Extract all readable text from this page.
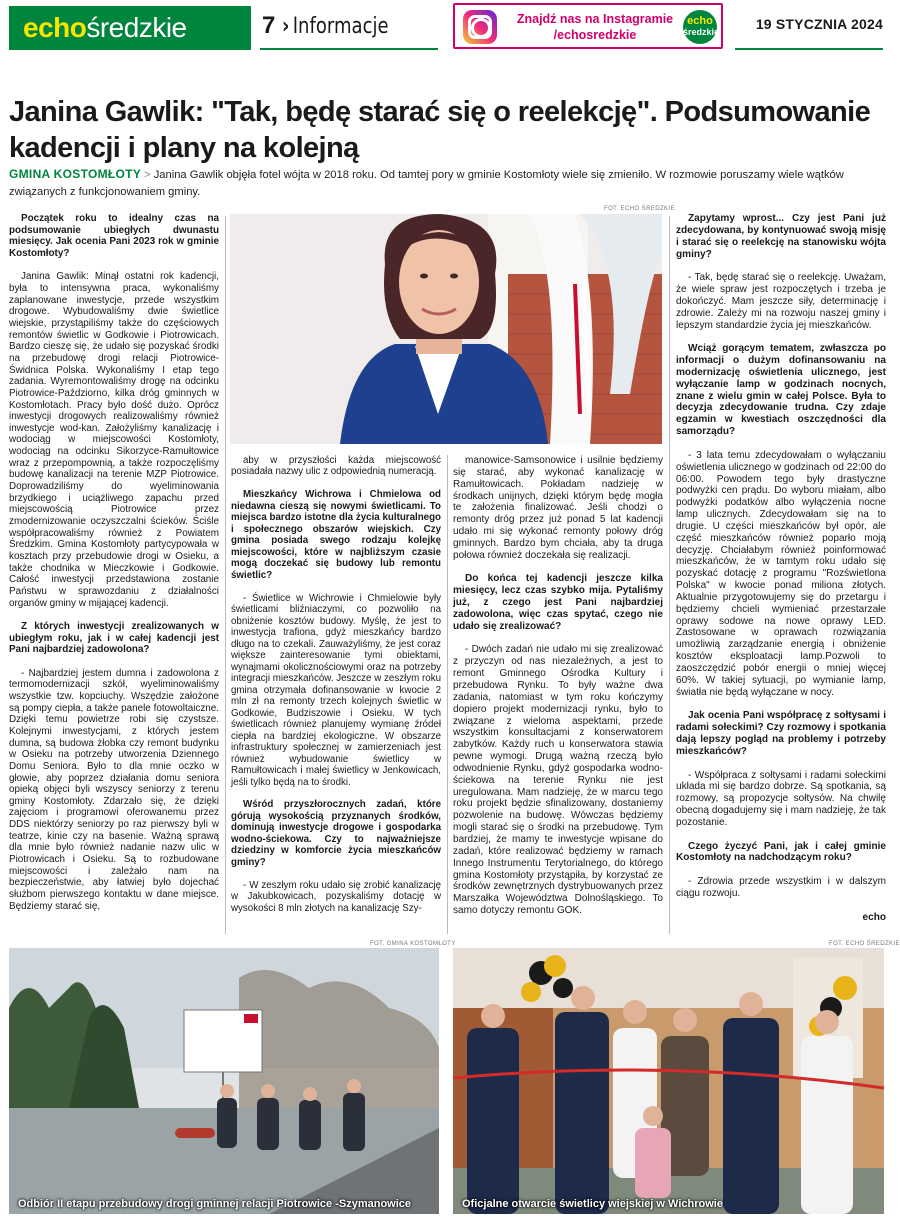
echośredzkie	7 › Informacje	Znajdź nas na Instagramie
/echosredzkie
echo
średzkie	19 STYCZNIA 2024
Janina Gawlik: "Tak, będę starać się o reelekcję". Podsumowanie kadencji i plany na kolejną
GMINA KOSTOMŁOTY > Janina Gawlik objęła fotel wójta w 2018 roku. Od tamtej pory w gminie Kostomłoty wiele się zmieniło. W rozmowie poruszamy wiele wątków związanych z funkcjonowaniem gminy.
FOT. ECHO ŚREDZKIE

Początek roku to idealny czas na podsumowanie ubiegłych dwunastu miesięcy. Jak ocenia Pani 2023 rok w gminie Kostomłoty?

Janina Gawlik: Minął ostatni rok kadencji, była to intensywna praca, wykonaliśmy zaplanowane inwestycje, przede wszystkim drogowe. Wybudowaliśmy dwie świetlice wiejskie, przystąpiliśmy także do częściowych remontów świetlic w Godkowie i Piotrowicach. Bardzo cieszę się, że udało się pozyskać środki na przebudowę drogi relacji Piotrowice-Świdnica Polska. Wykonaliśmy I etap tego zadania. Wyremontowaliśmy drogę na odcinku Piotrowice-Paździorno, kilka dróg gminnych w Kostomłotach. Pracy było dość dużo. Oprócz inwestycji drogowych realizowaliśmy również inwestycje wod-kan. Założyliśmy kanalizację i wodociąg w miejscowości Kostomłoty, wodociąg na odcinku Sikorzyce-Ramułtowice wraz z przepompownią, a także rozpoczęliśmy budowę kanalizacji na terenie MZP Piotrowice. Doprowadziliśmy do wyeliminowania brzydkiego i uciążliwego zapachu przed miejscowością Piotrowice przez zmodernizowanie oczyszczalni ścieków. Ściśle współpracowaliśmy również z Powiatem Średzkim. Gmina Kostomłoty partycypowała w kosztach przy przebudowie drogi w Osieku, a także chodnika w Mieczkowie i Godkowie. Całość inwestycji przedstawiona zostanie Państwu w sprawozdaniu z działalności organów gminy w mijającej kadencji.

Z których inwestycji zrealizowanych w ubiegłym roku, jak i w całej kadencji jest Pani najbardziej zadowolona?

- Najbardziej jestem dumna i zadowolona z termomodernizacji szkół, wyeliminowaliśmy wszystkie tzw. kopciuchy. Wszędzie założone są pompy ciepła, a także panele fotowoltaiczne. Dzięki temu powietrze robi się czystsze. Kolejnymi inwestycjami, z których jestem dumna, są budowa żłobka czy remont budynku w Osieku na potrzeby utworzenia Dziennego Domu Seniora. Było to dla mnie oczko w głowie, aby poprzez działania domu seniora opieką objęci byli wszyscy seniorzy z terenu gminy Kostomłoty. Zdarzało się, że dzięki zajęciom i programowi oferowanemu przez DDS niektórzy seniorzy po raz pierwszy byli w teatrze, kinie czy na basenie. Ważną sprawą dla mnie było również nadanie nazw ulic w Piotrowicach i Osieku. Są to rozbudowane miejscowości i zależało nam na bezpieczeństwie, aby łatwiej było dojechać służbom pierwszego kontaktu w dane miejsce. Będziemy starać się,

aby w przyszłości każda miejscowość posiadała nazwy ulic z odpowiednią numeracją.

Mieszkańcy Wichrowa i Chmielowa od niedawna cieszą się nowymi świetlicami. To miejsca bardzo istotne dla życia kulturalnego i społecznego obszarów wiejskich. Czy gmina posiada swego rodzaju kolejkę miejscowości, które w najbliższym czasie mogą doczekać się budowy lub remontu świetlic?

- Świetlice w Wichrowie i Chmielowie były świetlicami bliźniaczymi, co pozwoliło na obniżenie kosztów budowy. Myślę, że jest to inwestycja trafiona, gdyż mieszkańcy bardzo długo na to czekali. Zauważyliśmy, że jest coraz większe zainteresowanie tymi obiektami, wynajmami okolicznościowymi oraz na potrzeby integracji mieszkańców. Jeszcze w zeszłym roku gmina otrzymała dofinansowanie w kwocie 2 mln zł na remonty trzech kolejnych świetlic w Godkowie, Budziszowie i Osieku. W tych świetlicach również planujemy wymianę źródeł ciepła na bardziej ekologiczne. W obszarze infrastruktury społecznej w zamierzeniach jest również wybudowanie świetlicy w Ramułtowicach i małej świetlicy w Jenkowicach, jeśli tylko będą na to środki.

Wśród przyszłorocznych zadań, które górują wysokością przyznanych środków, dominują inwestycje drogowe i gospodarka wodno-ściekowa. Czy to najważniejsze dziedziny w komforcie życia mieszkańców gminy?

- W zeszłym roku udało się zrobić kanalizację w Jakubkowicach, pozyskaliśmy dotację w wysokości 8 mln złotych na kanalizację Szy-

manowice-Samsonowice i usilnie będziemy się starać, aby wykonać kanalizację w Ramułtowicach. Pokładam nadzieję w środkach unijnych, dzięki którym będę mogła te założenia finalizować. Jeśli chodzi o remonty dróg przez już ponad 5 lat kadencji udało mi się wykonać remonty połowy dróg gminnych. Bardzo bym chciała, aby ta druga połowa również doczekała się realizacji.

Do końca tej kadencji jeszcze kilka miesięcy, lecz czas szybko mija. Pytaliśmy już, z czego jest Pani najbardziej zadowolona, więc czas spytać, czego nie udało się zrealizować?

- Dwóch zadań nie udało mi się zrealizować z przyczyn od nas niezależnych, a jest to remont Gminnego Ośrodka Kultury i przebudowa Rynku. To były ważne dwa zadania, natomiast w tym roku kończymy dopiero projekt modernizacji rynku, było to związane z wieloma aspektami, przede wszystkim konsultacjami z konserwatorem zabytków. Każdy ruch u konserwatora stawia pewne wymogi. Drugą ważną rzeczą było odwodnienie Rynku, gdyż gospodarka wodno-ściekowa na terenie Rynku nie jest uregulowana. Mam nadzieję, że w marcu tego roku projekt będzie sfinalizowany, dostaniemy pozwolenie na budowę. Wówczas będziemy mogli starać się o środki na przebudowę. Tym bardziej, że mamy te inwestycje wpisane do zadań, które realizować będziemy w ramach Innego Instrumentu Terytorialnego, do którego gmina Kostomłoty przystąpiła, by korzystać ze środków zewnętrznych dystrybuowanych przez Marszałka Województwa Dolnośląskiego. To samo dotyczy remontu GOK.

Zapytamy wprost... Czy jest Pani już zdecydowana, by kontynuować swoją misję i starać się o reelekcję na stanowisku wójta gminy?

- Tak, będę starać się o reelekcję. Uważam, że wiele spraw jest rozpoczętych i trzeba je dokończyć. Mam jeszcze siły, determinację i zdrowie. Zależy mi na rozwoju naszej gminy i lepszym standardzie życia jej mieszkańców.

Wciąż gorącym tematem, zwłaszcza po informacji o dużym dofinansowaniu na modernizację oświetlenia ulicznego, jest wyłączanie lamp w godzinach nocnych, znane z wielu gmin w całej Polsce. Była to decyzja zdecydowanie trudna. Czy zdaje egzamin w kwestiach oszczędności dla samorządu?

- 3 lata temu zdecydowałam o wyłączaniu oświetlenia ulicznego w godzinach od 22:00 do 06:00. Powodem tego były drastyczne podwyżki cen prądu. Do wyboru miałam, albo podwyżki podatków albo wyłączenia nocne lamp ulicznych. Zdecydowałam się na to drugie. U części mieszkańców był opór, ale część mieszkańców również poparło moją decyzję. Chciałabym również poinformować mieszkańców, że w tamtym roku udało się pozyskać dotację z programu "Rozświetlona Polska" w kwocie ponad miliona złotych. Aktualnie przygotowujemy się do przetargu i będziemy chcieli wymieniać przestarzałe oprawy sodowe na nowe oprawy LED. Zastosowane w oprawach rozwiązania umożliwią zarządzanie energią i obniżenie kosztów eksploatacji lamp.Pozwoli to zaoszczędzić pobór energii o mniej więcej 60%. W takiej sytuacji, po wymianie lamp, światła nie będą wyłączane w nocy.

Jak ocenia Pani współpracę z sołtysami i radami sołeckimi? Czy rozmowy i spotkania dają lepszy pogląd na problemy i potrzeby mieszkańców?

- Współpraca z sołtysami i radami sołeckimi układa mi się bardzo dobrze. Są spotkania, są rozmowy, są propozycje sołtysów. Na chwilę obecną dogadujemy się i mam nadzieję, że tak pozostanie.

Czego życzyć Pani, jak i całej gminie Kostomłoty na nadchodzącym roku?

- Zdrowia przede wszystkim i w dalszym ciągu rozwoju.

echo

FOT. GMINA KOSTOMŁOTY
Odbiór II etapu przebudowy drogi gminnej relacji Piotrowice -Szymanowice
FOT. ECHO ŚREDZKIE
Oficjalne otwarcie świetlicy wiejskiej w Wichrowie
